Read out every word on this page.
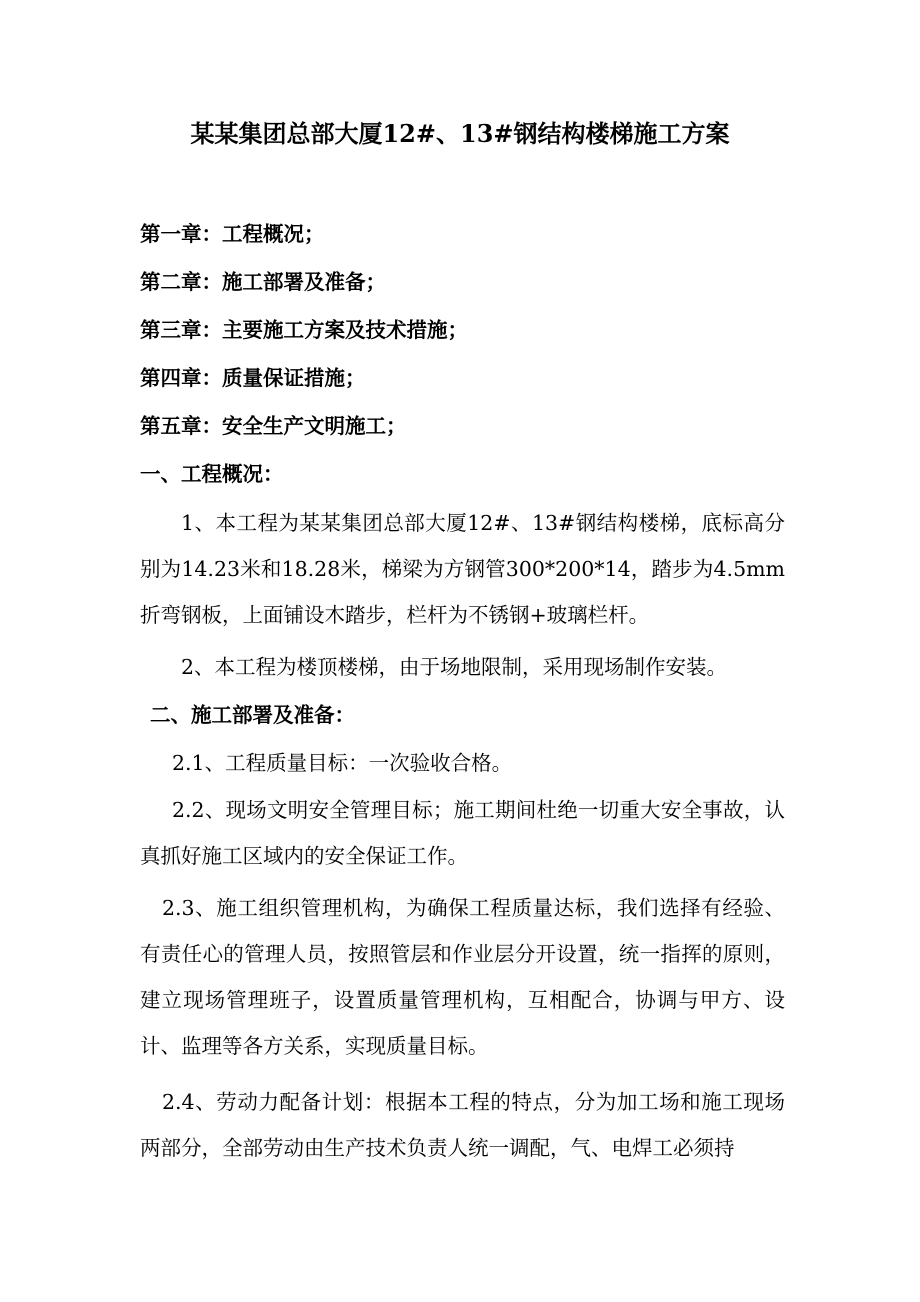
某某集团总部大厦12#、13#钢结构楼梯施工方案
第一章：工程概况；
第二章：施工部署及准备；
第三章：主要施工方案及技术措施；
第四章：质量保证措施；
第五章：安全生产文明施工；
一、工程概况：
1、本工程为某某集团总部大厦12#、13#钢结构楼梯，底标高分别为14.23米和18.28米，梯梁为方钢管300*200*14，踏步为4.5mm折弯钢板，上面铺设木踏步，栏杆为不锈钢+玻璃栏杆。
2、本工程为楼顶楼梯，由于场地限制，采用现场制作安装。
二、施工部署及准备：
2.1、工程质量目标：一次验收合格。
2.2、现场文明安全管理目标；施工期间杜绝一切重大安全事故，认真抓好施工区域内的安全保证工作。
2.3、施工组织管理机构，为确保工程质量达标，我们选择有经验、有责任心的管理人员，按照管层和作业层分开设置，统一指挥的原则，建立现场管理班子，设置质量管理机构，互相配合，协调与甲方、设计、监理等各方关系，实现质量目标。
2.4、劳动力配备计划：根据本工程的特点，分为加工场和施工现场两部分，全部劳动由生产技术负责人统一调配，气、电焊工必须持
